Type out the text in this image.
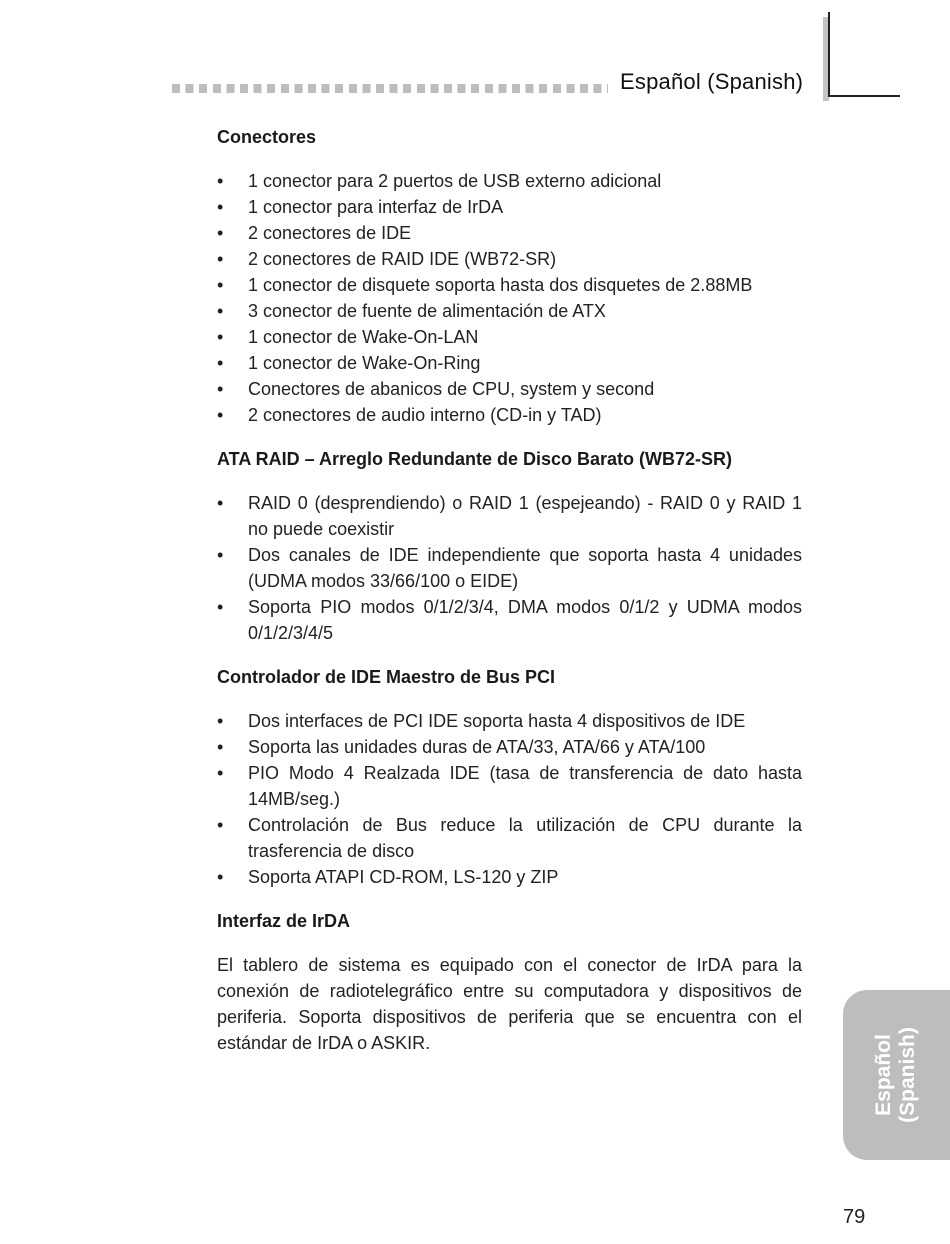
Español (Spanish)
Conectores
• 1 conector para 2 puertos de USB externo adicional
• 1 conector para interfaz de IrDA
• 2 conectores de IDE
• 2 conectores de RAID IDE (WB72-SR)
• 1 conector de disquete soporta hasta dos disquetes de 2.88MB
• 3 conector de fuente de alimentación de ATX
• 1 conector de Wake-On-LAN
• 1 conector de Wake-On-Ring
• Conectores de abanicos de CPU, system y second
• 2 conectores de audio interno (CD-in y TAD)
ATA RAID – Arreglo Redundante de Disco Barato (WB72-SR)
• RAID 0 (desprendiendo) o RAID 1 (espejeando) - RAID 0 y RAID 1 no puede coexistir
• Dos canales de IDE independiente que soporta hasta 4 unidades (UDMA modos 33/66/100 o EIDE)
• Soporta PIO modos 0/1/2/3/4, DMA modos 0/1/2 y UDMA modos 0/1/2/3/4/5
Controlador de IDE Maestro de Bus PCI
• Dos interfaces de PCI IDE soporta hasta 4 dispositivos de IDE
• Soporta las unidades duras de ATA/33, ATA/66 y ATA/100
• PIO Modo 4 Realzada IDE (tasa de transferencia de dato hasta 14MB/seg.)
• Controlación de Bus reduce la utilización de CPU durante la trasferencia de disco
• Soporta ATAPI CD-ROM, LS-120 y ZIP
Interfaz de IrDA

El tablero de sistema es equipado con el conector de IrDA para la conexión de radiotelegráfico entre su computadora y dispositivos de periferia. Soporta dispositivos de periferia que se encuentra con el estándar de IrDA o ASKIR.	Español (Spanish)
79
